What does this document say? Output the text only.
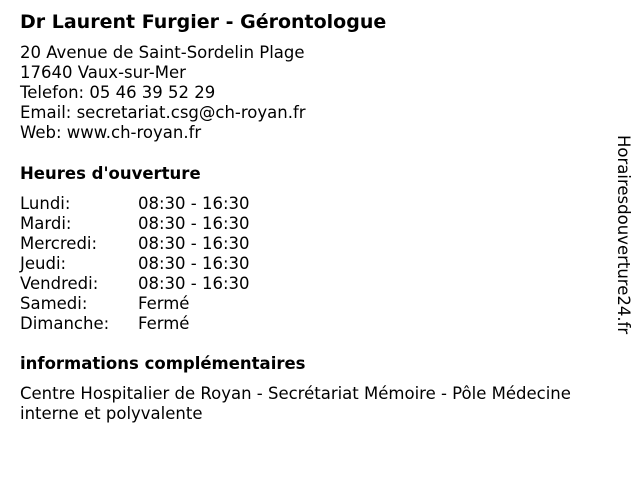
Dr Laurent Furgier - Gérontologue
20 Avenue de Saint-Sordelin Plage
17640 Vaux-sur-Mer
Telefon: 05 46 39 52 29
Email: secretariat.csg@ch-royan.fr
Web: www.ch-royan.fr
Heures d'ouverture
Lundi:	08:30 - 16:30
Mardi:	08:30 - 16:30
Mercredi:	08:30 - 16:30
Jeudi:	08:30 - 16:30
Vendredi:	08:30 - 16:30
Samedi:	Fermé
Dimanche:	Fermé
informations complémentaires
Centre Hospitalier de Royan - Secrétariat Mémoire - Pôle Médecine interne et polyvalente
Horairesdouverture24.fr
